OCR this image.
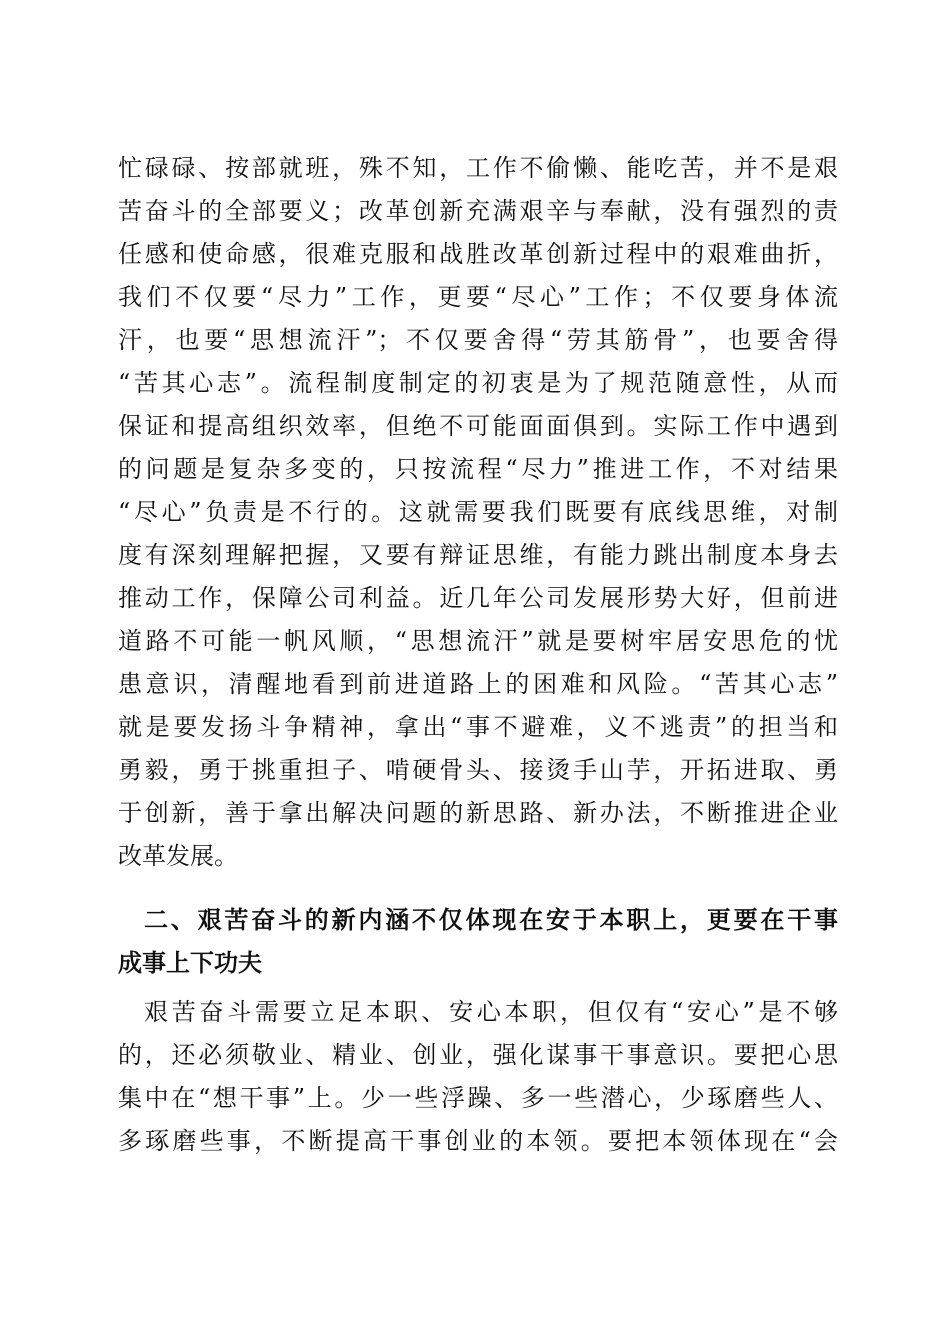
忙碌碌、按部就班，殊不知，工作不偷懒、能吃苦，并不是艰
苦奋斗的全部要义；改革创新充满艰辛与奉献，没有强烈的责
任感和使命感，很难克服和战胜改革创新过程中的艰难曲折，
我们不仅要“尽力”工作，更要“尽心”工作；不仅要身体流
汗，也要“思想流汗”；不仅要舍得“劳其筋骨”，也要舍得
“苦其心志”。流程制度制定的初衷是为了规范随意性，从而
保证和提高组织效率，但绝不可能面面俱到。实际工作中遇到
的问题是复杂多变的，只按流程“尽力”推进工作，不对结果
“尽心”负责是不行的。这就需要我们既要有底线思维，对制
度有深刻理解把握，又要有辩证思维，有能力跳出制度本身去
推动工作，保障公司利益。近几年公司发展形势大好，但前进
道路不可能一帆风顺，“思想流汗”就是要树牢居安思危的忧
患意识，清醒地看到前进道路上的困难和风险。“苦其心志”
就是要发扬斗争精神，拿出“事不避难，义不逃责”的担当和
勇毅，勇于挑重担子、啃硬骨头、接烫手山芋，开拓进取、勇
于创新，善于拿出解决问题的新思路、新办法，不断推进企业
改革发展。
二、艰苦奋斗的新内涵不仅体现在安于本职上，更要在干事
成事上下功夫
艰苦奋斗需要立足本职、安心本职，但仅有“安心”是不够
的，还必须敬业、精业、创业，强化谋事干事意识。要把心思
集中在“想干事”上。少一些浮躁、多一些潜心，少琢磨些人、
多琢磨些事，不断提高干事创业的本领。要把本领体现在“会
